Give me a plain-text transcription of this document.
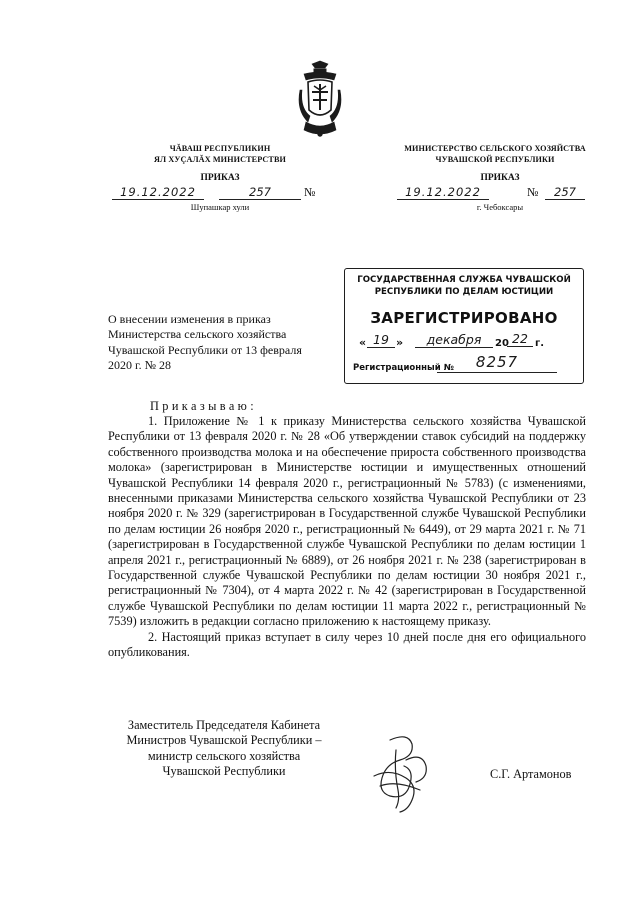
ЧĂВАШ РЕСПУБЛИКИН
ЯЛ ХУÇАЛĂХ МИНИСТЕРСТВИ
МИНИСТЕРСТВО СЕЛЬСКОГО ХОЗЯЙСТВА
ЧУВАШСКОЙ РЕСПУБЛИКИ
ПРИКАЗ	ПРИКАЗ
19.12.2022	257	№
Шупашкар хули
19.12.2022	№	257
г. Чебоксары
ГОСУДАРСТВЕННАЯ СЛУЖБА ЧУВАШСКОЙ
РЕСПУБЛИКИ ПО ДЕЛАМ ЮСТИЦИИ
ЗАРЕГИСТРИРОВАНО
« 19 »	декабря	20 22 г.
Регистрационный №	8257
О внесении изменения в приказ
Министерства сельского хозяйства
Чувашской Республики от 13 февраля
2020 г. № 28
Приказываю:

1. Приложение № 1 к приказу Министерства сельского хозяйства Чувашской Республики от 13 февраля 2020 г. № 28 «Об утверждении ставок субсидий на поддержку собственного производства молока и на обеспечение прироста собственного производства молока» (зарегистрирован в Министерстве юстиции и имущественных отношений Чувашской Республики 14 февраля 2020 г., регистрационный № 5783) (с изменениями, внесенными приказами Министерства сельского хозяйства Чувашской Республики от 23 ноября 2020 г. № 329 (зарегистрирован в Государственной службе Чувашской Республики по делам юстиции 26 ноября 2020 г., регистрационный № 6449), от 29 марта 2021 г. № 71 (зарегистрирован в Государственной службе Чувашской Республики по делам юстиции 1 апреля 2021 г., регистрационный № 6889), от 26 ноября 2021 г. № 238 (зарегистрирован в Государственной службе Чувашской Республики по делам юстиции 30 ноября 2021 г., регистрационный № 7304), от 4 марта 2022 г. № 42 (зарегистрирован в Государственной службе Чувашской Республики по делам юстиции 11 марта 2022 г., регистрационный № 7539) изложить в редакции согласно приложению к настоящему приказу.

2. Настоящий приказ вступает в силу через 10 дней после дня его официального опубликования.

Заместитель Председателя Кабинета
Министров Чувашской Республики –
министр сельского хозяйства
Чувашской Республики	С.Г. Артамонов
